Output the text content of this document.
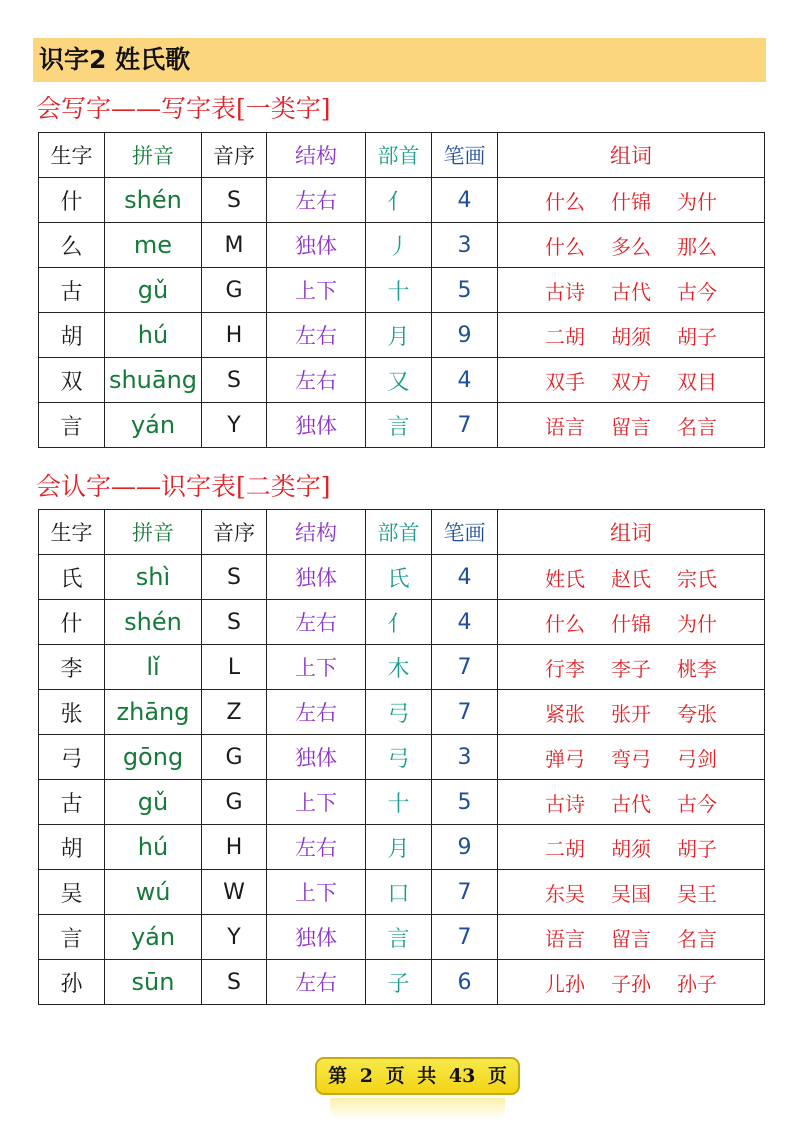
识字2 姓氏歌
会写字——写字表[一类字]
生字	拼音	音序	结构	部首	笔画	组词
什	shén	S	左右	亻	4	什么 什锦 为什
么	me	M	独体	丿	3	什么 多么 那么
古	gǔ	G	上下	十	5	古诗 古代 古今
胡	hú	H	左右	月	9	二胡 胡须 胡子
双	shuāng	S	左右	又	4	双手 双方 双目
言	yán	Y	独体	言	7	语言 留言 名言
会认字——识字表[二类字]
生字	拼音	音序	结构	部首	笔画	组词
氏	shì	S	独体	氏	4	姓氏 赵氏 宗氏
什	shén	S	左右	亻	4	什么 什锦 为什
李	lǐ	L	上下	木	7	行李 李子 桃李
张	zhāng	Z	左右	弓	7	紧张 张开 夸张
弓	gōng	G	独体	弓	3	弹弓 弯弓 弓剑
古	gǔ	G	上下	十	5	古诗 古代 古今
胡	hú	H	左右	月	9	二胡 胡须 胡子
吴	wú	W	上下	口	7	东吴 吴国 吴王
言	yán	Y	独体	言	7	语言 留言 名言
孙	sūn	S	左右	子	6	儿孙 子孙 孙子
第 2 页 共 43 页
